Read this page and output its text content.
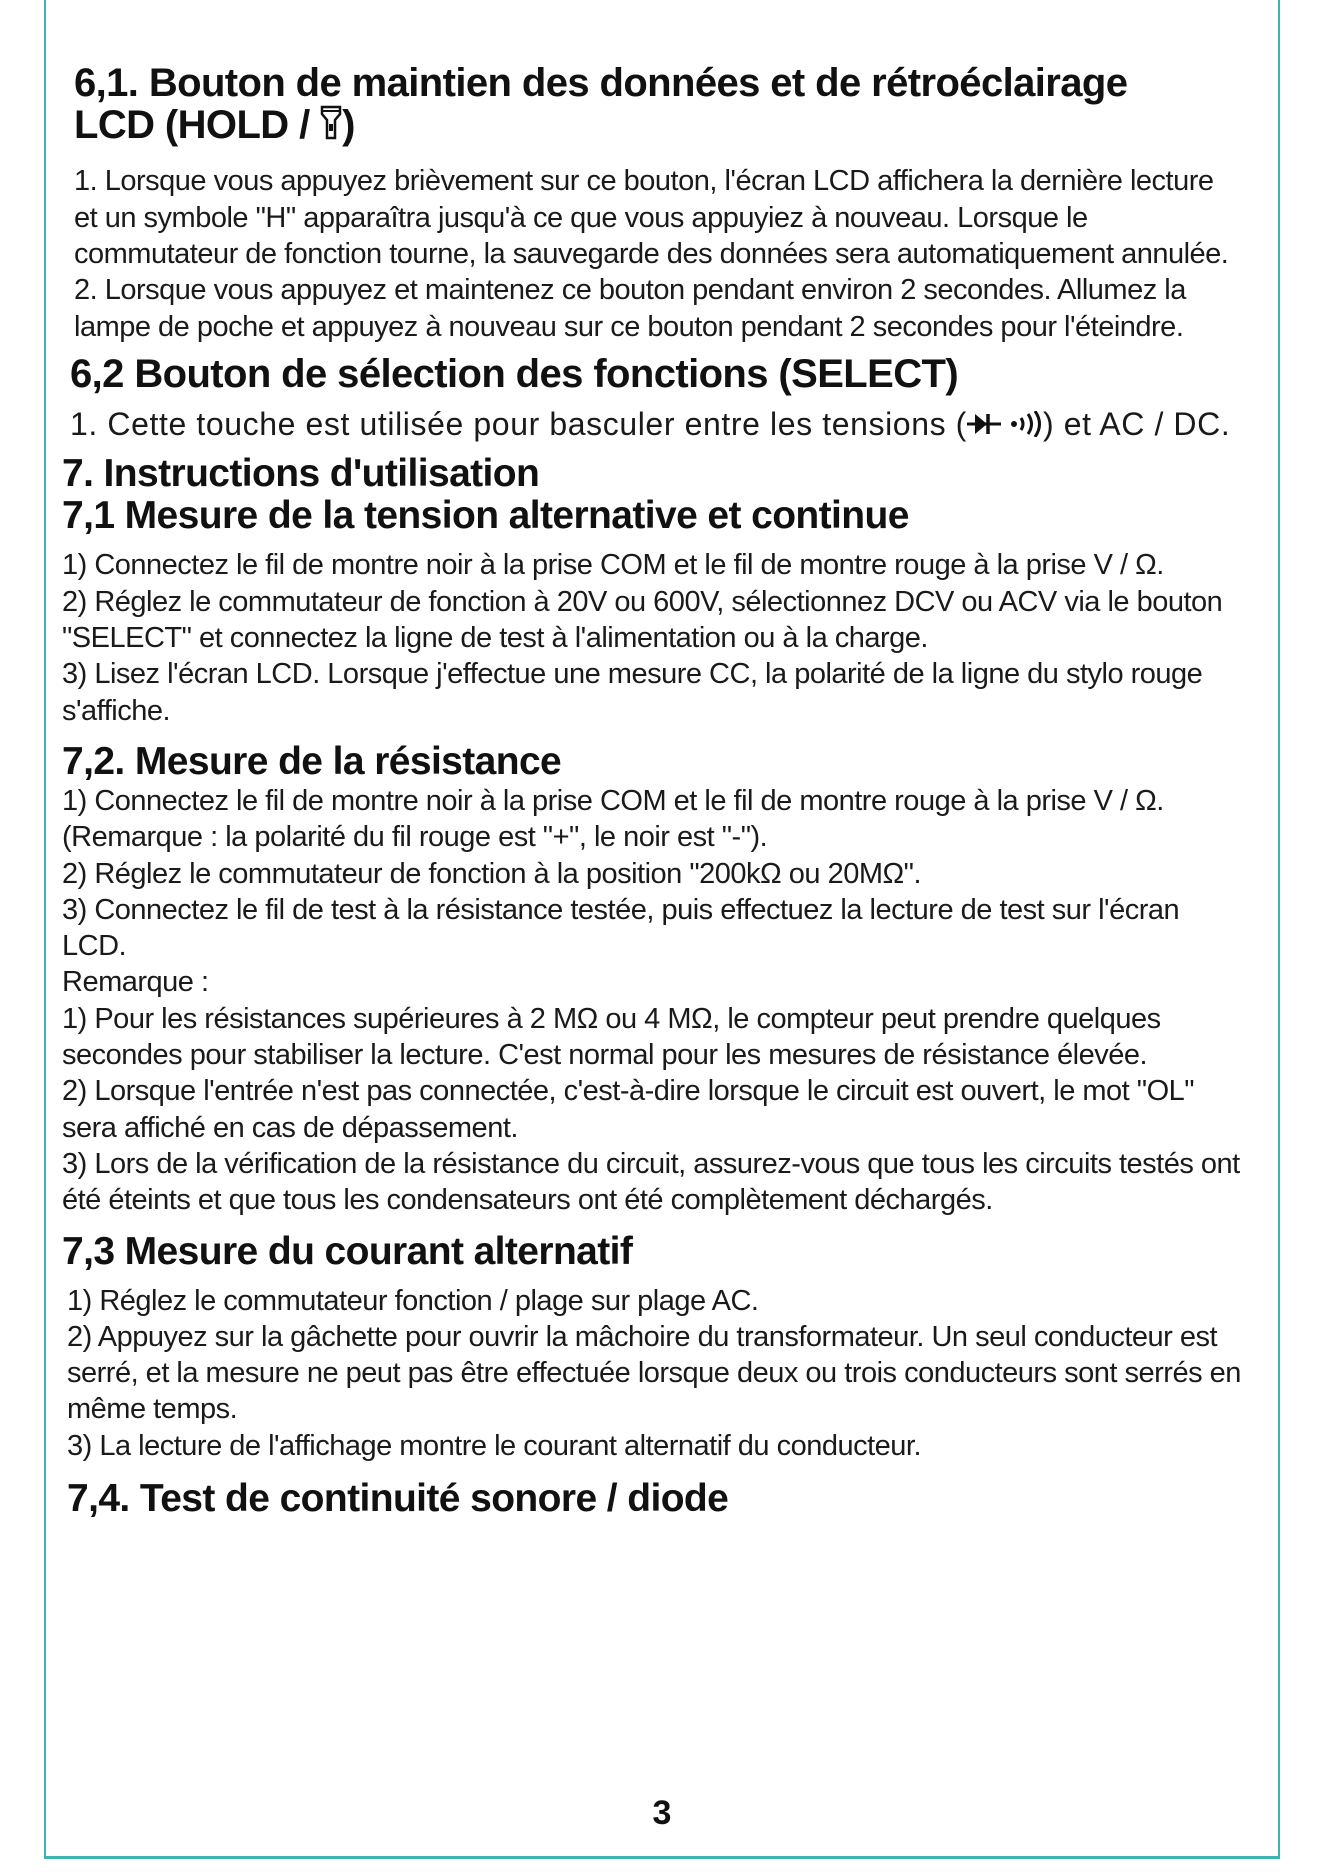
6,1. Bouton de maintien des données et de rétroéclairage
LCD (HOLD / )

1. Lorsque vous appuyez brièvement sur ce bouton, l'écran LCD affichera la dernière lecture et un symbole "H" apparaîtra jusqu'à ce que vous appuyiez à nouveau. Lorsque le commutateur de fonction tourne, la sauvegarde des données sera automatiquement annulée.

2. Lorsque vous appuyez et maintenez ce bouton pendant environ 2 secondes. Allumez la lampe de poche et appuyez à nouveau sur ce bouton pendant 2 secondes pour l'éteindre.

6,2 Bouton de sélection des fonctions (SELECT)

1. Cette touche est utilisée pour basculer entre les tensions ( ) et AC / DC.

7. Instructions d'utilisation
7,1 Mesure de la tension alternative et continue

1) Connectez le fil de montre noir à la prise COM et le fil de montre rouge à la prise V / Ω.

2) Réglez le commutateur de fonction à 20V ou 600V, sélectionnez DCV ou ACV via le bouton "SELECT" et connectez la ligne de test à l'alimentation ou à la charge.

3) Lisez l'écran LCD. Lorsque j'effectue une mesure CC, la polarité de la ligne du stylo rouge s'affiche.

7,2. Mesure de la résistance

1) Connectez le fil de montre noir à la prise COM et le fil de montre rouge à la prise V / Ω. (Remarque : la polarité du fil rouge est "+", le noir est "-").

2) Réglez le commutateur de fonction à la position "200kΩ ou 20MΩ".

3) Connectez le fil de test à la résistance testée, puis effectuez la lecture de test sur l'écran LCD.

Remarque :

1) Pour les résistances supérieures à 2 MΩ ou 4 MΩ, le compteur peut prendre quelques secondes pour stabiliser la lecture. C'est normal pour les mesures de résistance élevée.

2) Lorsque l'entrée n'est pas connectée, c'est-à-dire lorsque le circuit est ouvert, le mot "OL" sera affiché en cas de dépassement.

3) Lors de la vérification de la résistance du circuit, assurez-vous que tous les circuits testés ont été éteints et que tous les condensateurs ont été complètement déchargés.

7,3 Mesure du courant alternatif

1) Réglez le commutateur fonction / plage sur plage AC.

2) Appuyez sur la gâchette pour ouvrir la mâchoire du transformateur. Un seul conducteur est serré, et la mesure ne peut pas être effectuée lorsque deux ou trois conducteurs sont serrés en même temps.

3) La lecture de l'affichage montre le courant alternatif du conducteur.

7,4. Test de continuité sonore / diode
3
